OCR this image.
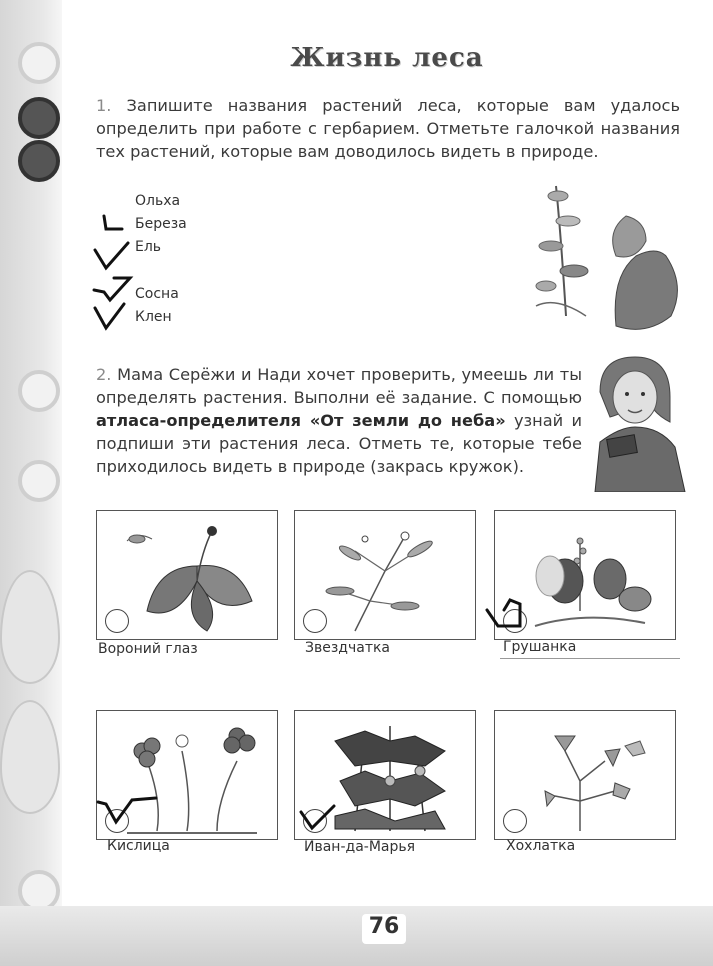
Жизнь леса
1. Запишите названия растений леса, которые вам удалось определить при работе с гербарием. Отметьте галочкой названия тех растений, которые вам доводилось видеть в природе.
Ольха
Береза
Ель
Сосна
Клен
2. Мама Серёжи и Нади хочет проверить, умеешь ли ты определять растения. Выполни её задание. С помощью атласа-определителя «От земли до неба» узнай и подпиши эти растения леса. Отметь те, которые тебе приходилось видеть в природе (закрась кружок).
Вороний глаз	Звездчатка	Грушанка
Кислица	Иван-да-Марья	Хохлатка
76
